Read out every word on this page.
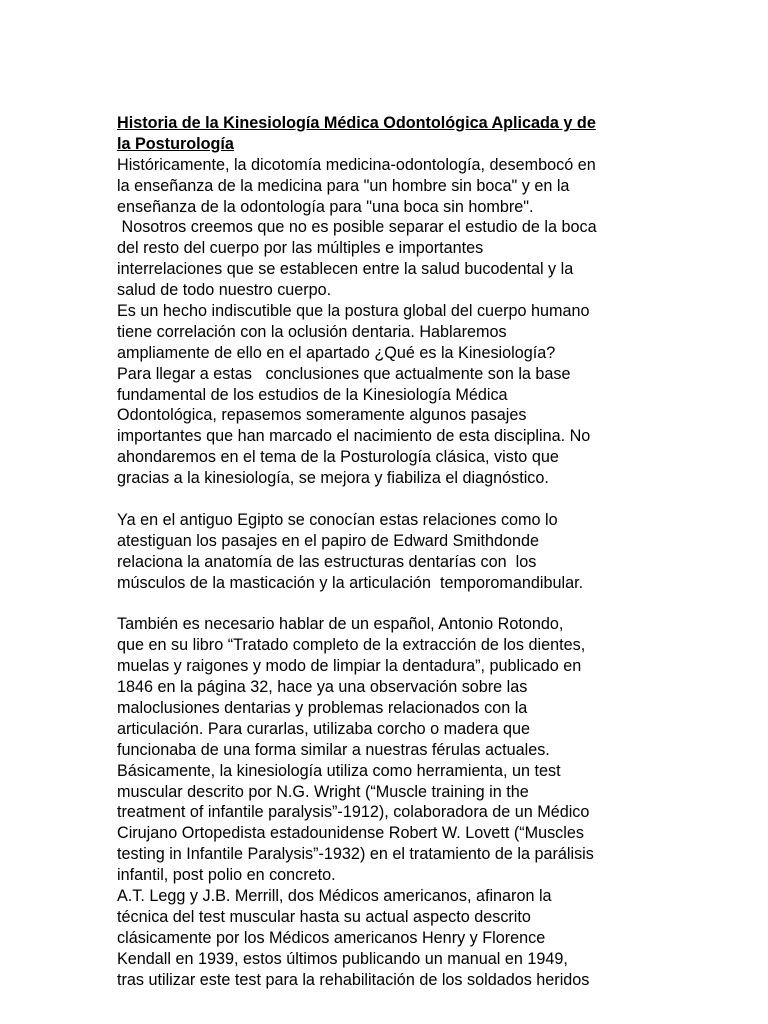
Historia de la Kinesiología Médica Odontológica Aplicada y de
la Posturología
Históricamente, la dicotomía medicina-odontología, desembocó en
la enseñanza de la medicina para "un hombre sin boca" y en la
enseñanza de la odontología para "una boca sin hombre".
Nosotros creemos que no es posible separar el estudio de la boca
del resto del cuerpo por las múltiples e importantes
interrelaciones que se establecen entre la salud bucodental y la
salud de todo nuestro cuerpo.
Es un hecho indiscutible que la postura global del cuerpo humano
tiene correlación con la oclusión dentaria. Hablaremos
ampliamente de ello en el apartado ¿Qué es la Kinesiología?
Para llegar a estas   conclusiones que actualmente son la base
fundamental de los estudios de la Kinesiología Médica
Odontológica, repasemos someramente algunos pasajes
importantes que han marcado el nacimiento de esta disciplina. No
ahondaremos en el tema de la Posturología clásica, visto que
gracias a la kinesiología, se mejora y fiabiliza el diagnóstico.
Ya en el antiguo Egipto se conocían estas relaciones como lo
atestiguan los pasajes en el papiro de Edward Smithdonde
relaciona la anatomía de las estructuras dentarías con  los
músculos de la masticación y la articulación  temporomandibular.
También es necesario hablar de un español, Antonio Rotondo,
que en su libro “Tratado completo de la extracción de los dientes,
muelas y raigones y modo de limpiar la dentadura”, publicado en
1846 en la página 32, hace ya una observación sobre las
maloclusiones dentarias y problemas relacionados con la
articulación. Para curarlas, utilizaba corcho o madera que
funcionaba de una forma similar a nuestras férulas actuales.
Básicamente, la kinesiología utiliza como herramienta, un test
muscular descrito por N.G. Wright (“Muscle training in the
treatment of infantile paralysis”-1912), colaboradora de un Médico
Cirujano Ortopedista estadounidense Robert W. Lovett (“Muscles
testing in Infantile Paralysis”-1932) en el tratamiento de la parálisis
infantil, post polio en concreto.
A.T. Legg y J.B. Merrill, dos Médicos americanos, afinaron la
técnica del test muscular hasta su actual aspecto descrito
clásicamente por los Médicos americanos Henry y Florence
Kendall en 1939, estos últimos publicando un manual en 1949,
tras utilizar este test para la rehabilitación de los soldados heridos
